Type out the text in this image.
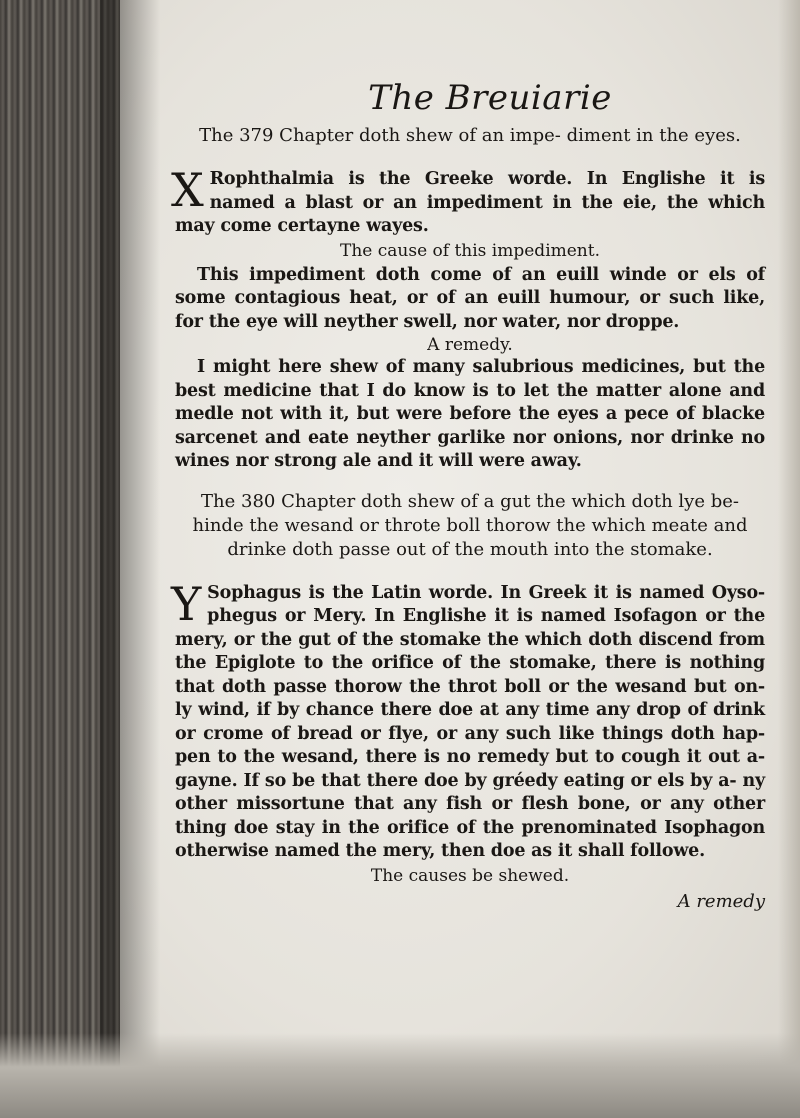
The Breuiarie

The 379 Chapter doth shew of an impe- diment in the eyes.

X Rophthalmia is the Greeke worde. In Englishe it is named a blast or an impediment in the eie, the which may come certayne wayes.

The cause of this impediment.

This impediment doth come of an euill winde or els of some contagious heat, or of an euill humour, or such like, for the eye will neyther swell, nor water, nor droppe.

A remedy.

I might here shew of many salubrious medicines, but the best medicine that I do know is to let the matter alone and medle not with it, but were before the eyes a pece of blacke sarcenet and eate neyther garlike nor onions, nor drinke no wines nor strong ale and it will were away.

The 380 Chapter doth shew of a gut the which doth lye be- hinde the wesand or throte boll thorow the which meate and drinke doth passe out of the mouth into the stomake.

Y Sophagus is the Latin worde. In Greek it is named Oyso- phegus or Mery. In Englishe it is named Isofagon or the mery, or the gut of the stomake the which doth discend from the Epiglote to the orifice of the stomake, there is nothing that doth passe thorow the throt boll or the wesand but on- ly wind, if by chance there doe at any time any drop of drink or crome of bread or flye, or any such like things doth hap- pen to the wesand, there is no remedy but to cough it out a- gayne. If so be that there doe by gréedy eating or els by a- ny other missortune that any fish or flesh bone, or any other thing doe stay in the orifice of the prenominated Isophagon otherwise named the mery, then doe as it shall followe.

The causes be shewed.

A remedy
